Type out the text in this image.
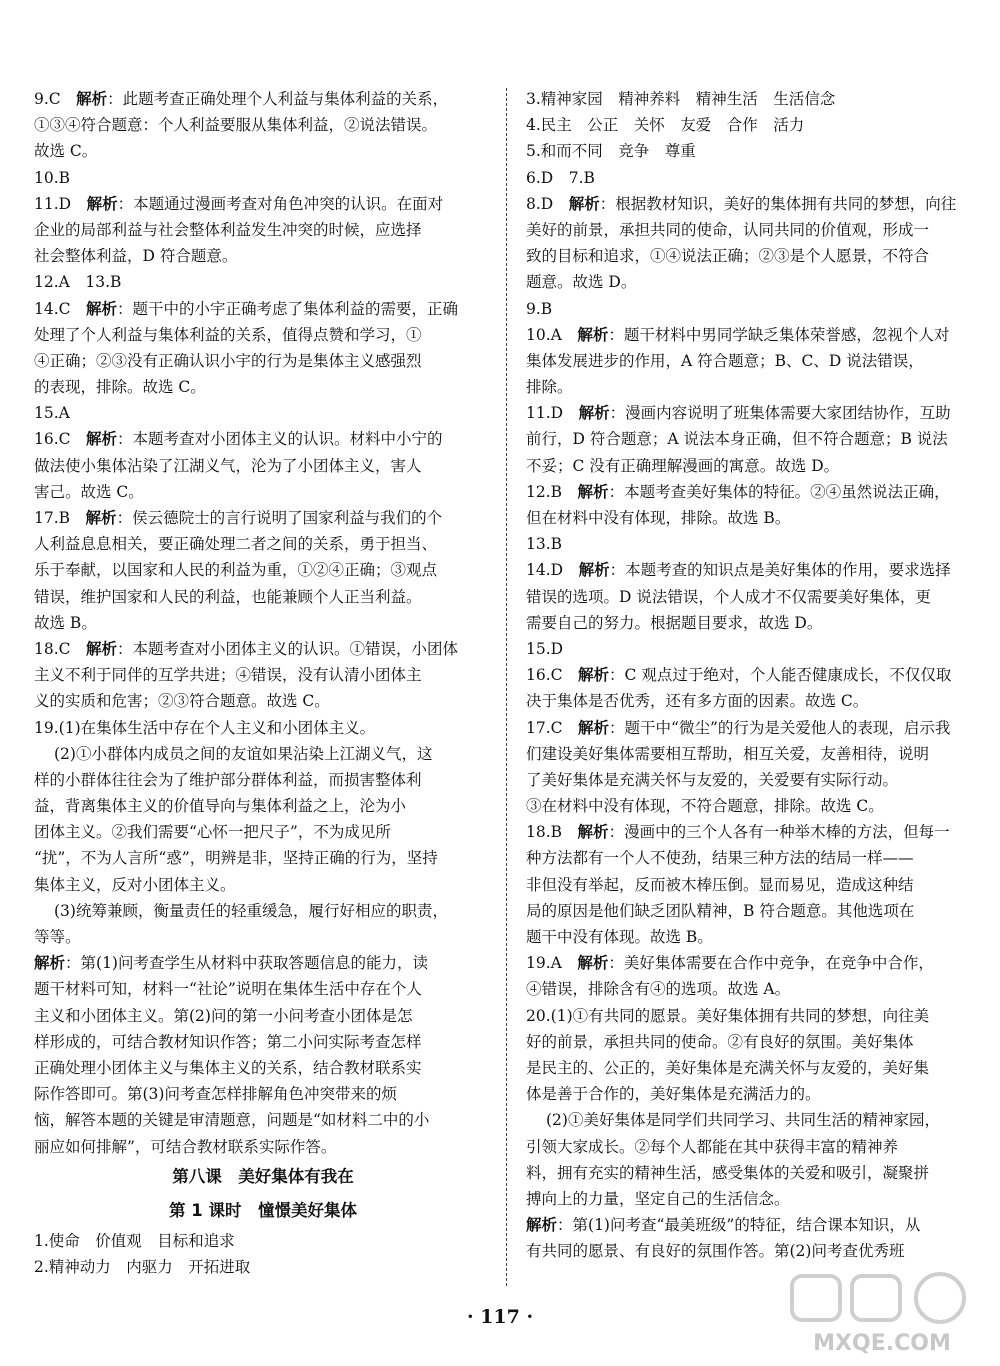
9.C  解析：此题考查正确处理个人利益与集体利益的关系，
①③④符合题意：个人利益要服从集体利益，②说法错误。
故选 C。
10.B
11.D  解析：本题通过漫画考查对角色冲突的认识。在面对
企业的局部利益与社会整体利益发生冲突的时候，应选择
社会整体利益，D 符合题意。
12.A　13.B
14.C  解析：题干中的小宇正确考虑了集体利益的需要，正确
处理了个人利益与集体利益的关系，值得点赞和学习，①
④正确；②③没有正确认识小宇的行为是集体主义感强烈
的表现，排除。故选 C。
15.A
16.C  解析：本题考查对小团体主义的认识。材料中小宁的
做法使小集体沾染了江湖义气，沦为了小团体主义，害人
害己。故选 C。
17.B  解析：侯云德院士的言行说明了国家利益与我们的个
人利益息息相关，要正确处理二者之间的关系，勇于担当、
乐于奉献，以国家和人民的利益为重，①②④正确；③观点
错误，维护国家和人民的利益，也能兼顾个人正当利益。
故选 B。
18.C  解析：本题考查对小团体主义的认识。①错误，小团体
主义不利于同伴的互学共进；④错误，没有认清小团体主
义的实质和危害；②③符合题意。故选 C。
19.(1)在集体生活中存在个人主义和小团体主义。
(2)①小群体内成员之间的友谊如果沾染上江湖义气，这
样的小群体往往会为了维护部分群体利益，而损害整体利
益，背离集体主义的价值导向与集体利益之上，沦为小
团体主义。②我们需要“心怀一把尺子”，不为成见所
“扰”，不为人言所“惑”，明辨是非，坚持正确的行为，坚持
集体主义，反对小团体主义。
(3)统筹兼顾，衡量责任的轻重缓急，履行好相应的职责，
等等。
解析：第(1)问考查学生从材料中获取答题信息的能力，读
题干材料可知，材料一“社论”说明在集体生活中存在个人
主义和小团体主义。第(2)问的第一小问考查小团体是怎
样形成的，可结合教材知识作答；第二小问实际考查怎样
正确处理小团体主义与集体主义的关系，结合教材联系实
际作答即可。第(3)问考查怎样排解角色冲突带来的烦
恼，解答本题的关键是审清题意，问题是“如材料二中的小
丽应如何排解”，可结合教材联系实际作答。
第八课　美好集体有我在
第 1 课时　憧憬美好集体
1.使命　价值观　目标和追求
2.精神动力　内驱力　开拓进取
3.精神家园　精神养料　精神生活　生活信念
4.民主　公正　关怀　友爱　合作　活力
5.和而不同　竞争　尊重
6.D　7.B
8.D  解析：根据教材知识，美好的集体拥有共同的梦想，向往
美好的前景，承担共同的使命，认同共同的价值观，形成一
致的目标和追求，①④说法正确；②③是个人愿景，不符合
题意。故选 D。
9.B
10.A  解析：题干材料中男同学缺乏集体荣誉感，忽视个人对
集体发展进步的作用，A 符合题意；B、C、D 说法错误，
排除。
11.D  解析：漫画内容说明了班集体需要大家团结协作，互助
前行，D 符合题意；A 说法本身正确，但不符合题意；B 说法
不妥；C 没有正确理解漫画的寓意。故选 D。
12.B  解析：本题考查美好集体的特征。②④虽然说法正确，
但在材料中没有体现，排除。故选 B。
13.B
14.D  解析：本题考查的知识点是美好集体的作用，要求选择
错误的选项。D 说法错误，个人成才不仅需要美好集体，更
需要自己的努力。根据题目要求，故选 D。
15.D
16.C  解析：C 观点过于绝对，个人能否健康成长，不仅仅取
决于集体是否优秀，还有多方面的因素。故选 C。
17.C  解析：题干中“微尘”的行为是关爱他人的表现，启示我
们建设美好集体需要相互帮助，相互关爱，友善相待，说明
了美好集体是充满关怀与友爱的，关爱要有实际行动。
③在材料中没有体现，不符合题意，排除。故选 C。
18.B  解析：漫画中的三个人各有一种举木棒的方法，但每一
种方法都有一个人不使劲，结果三种方法的结局一样——
非但没有举起，反而被木棒压倒。显而易见，造成这种结
局的原因是他们缺乏团队精神，B 符合题意。其他选项在
题干中没有体现。故选 B。
19.A  解析：美好集体需要在合作中竞争，在竞争中合作，
④错误，排除含有④的选项。故选 A。
20.(1)①有共同的愿景。美好集体拥有共同的梦想，向往美
好的前景，承担共同的使命。②有良好的氛围。美好集体
是民主的、公正的，美好集体是充满关怀与友爱的，美好集
体是善于合作的，美好集体是充满活力的。
(2)①美好集体是同学们共同学习、共同生活的精神家园，
引领大家成长。②每个人都能在其中获得丰富的精神养
料，拥有充实的精神生活，感受集体的关爱和吸引，凝聚拼
搏向上的力量，坚定自己的生活信念。
解析：第(1)问考查“最美班级”的特征，结合课本知识，从
有共同的愿景、有良好的氛围作答。第(2)问考查优秀班
· 117 ·
MXQE.COM
